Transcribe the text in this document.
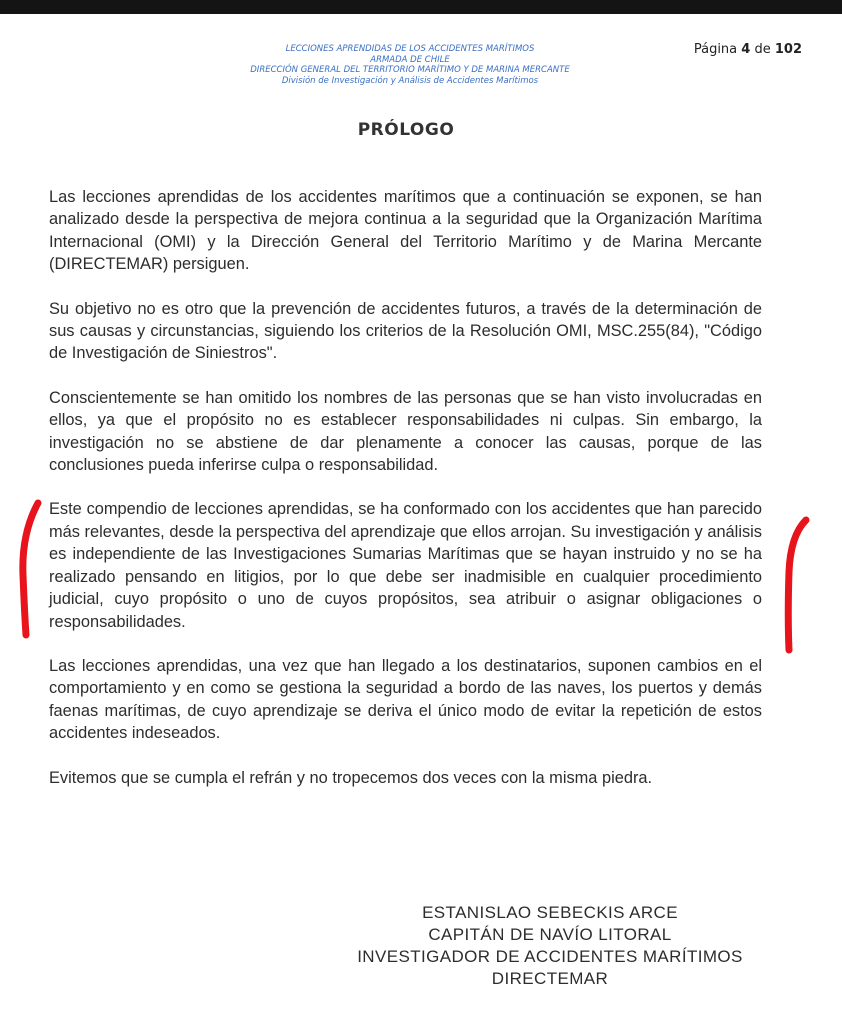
LECCIONES APRENDIDAS DE LOS ACCIDENTES MARÍTIMOS
ARMADA DE CHILE
DIRECCIÓN GENERAL DEL TERRITORIO MARÍTIMO Y DE MARINA MERCANTE
División de Investigación y Análisis de Accidentes Marítimos
Página 4 de 102
PRÓLOGO

Las lecciones aprendidas de los accidentes marítimos que a continuación se exponen, se han analizado desde la perspectiva de mejora continua a la seguridad que la Organización Marítima Internacional (OMI) y la Dirección General del Territorio Marítimo y de Marina Mercante (DIRECTEMAR) persiguen.

Su objetivo no es otro que la prevención de accidentes futuros, a través de la determinación de sus causas y circunstancias, siguiendo los criterios de la Resolución OMI, MSC.255(84), "Código de Investigación de Siniestros".

Conscientemente se han omitido los nombres de las personas que se han visto involucradas en ellos, ya que el propósito no es establecer responsabilidades ni culpas. Sin embargo, la investigación no se abstiene de dar plenamente a conocer las causas, porque de las conclusiones pueda inferirse culpa o responsabilidad.

Este compendio de lecciones aprendidas, se ha conformado con los accidentes que han parecido más relevantes, desde la perspectiva del aprendizaje que ellos arrojan. Su investigación y análisis es independiente de las Investigaciones Sumarias Marítimas que se hayan instruido y no se ha realizado pensando en litigios, por lo que debe ser inadmisible en cualquier procedimiento judicial, cuyo propósito o uno de cuyos propósitos, sea atribuir o asignar obligaciones o responsabilidades.

Las lecciones aprendidas, una vez que han llegado a los destinatarios, suponen cambios en el comportamiento y en como se gestiona la seguridad a bordo de las naves, los puertos y demás faenas marítimas, de cuyo aprendizaje se deriva el único modo de evitar la repetición de estos accidentes indeseados.

Evitemos que se cumpla el refrán y no tropecemos dos veces con la misma piedra.

ESTANISLAO SEBECKIS ARCE
CAPITÁN DE NAVÍO LITORAL
INVESTIGADOR DE ACCIDENTES MARÍTIMOS
DIRECTEMAR
